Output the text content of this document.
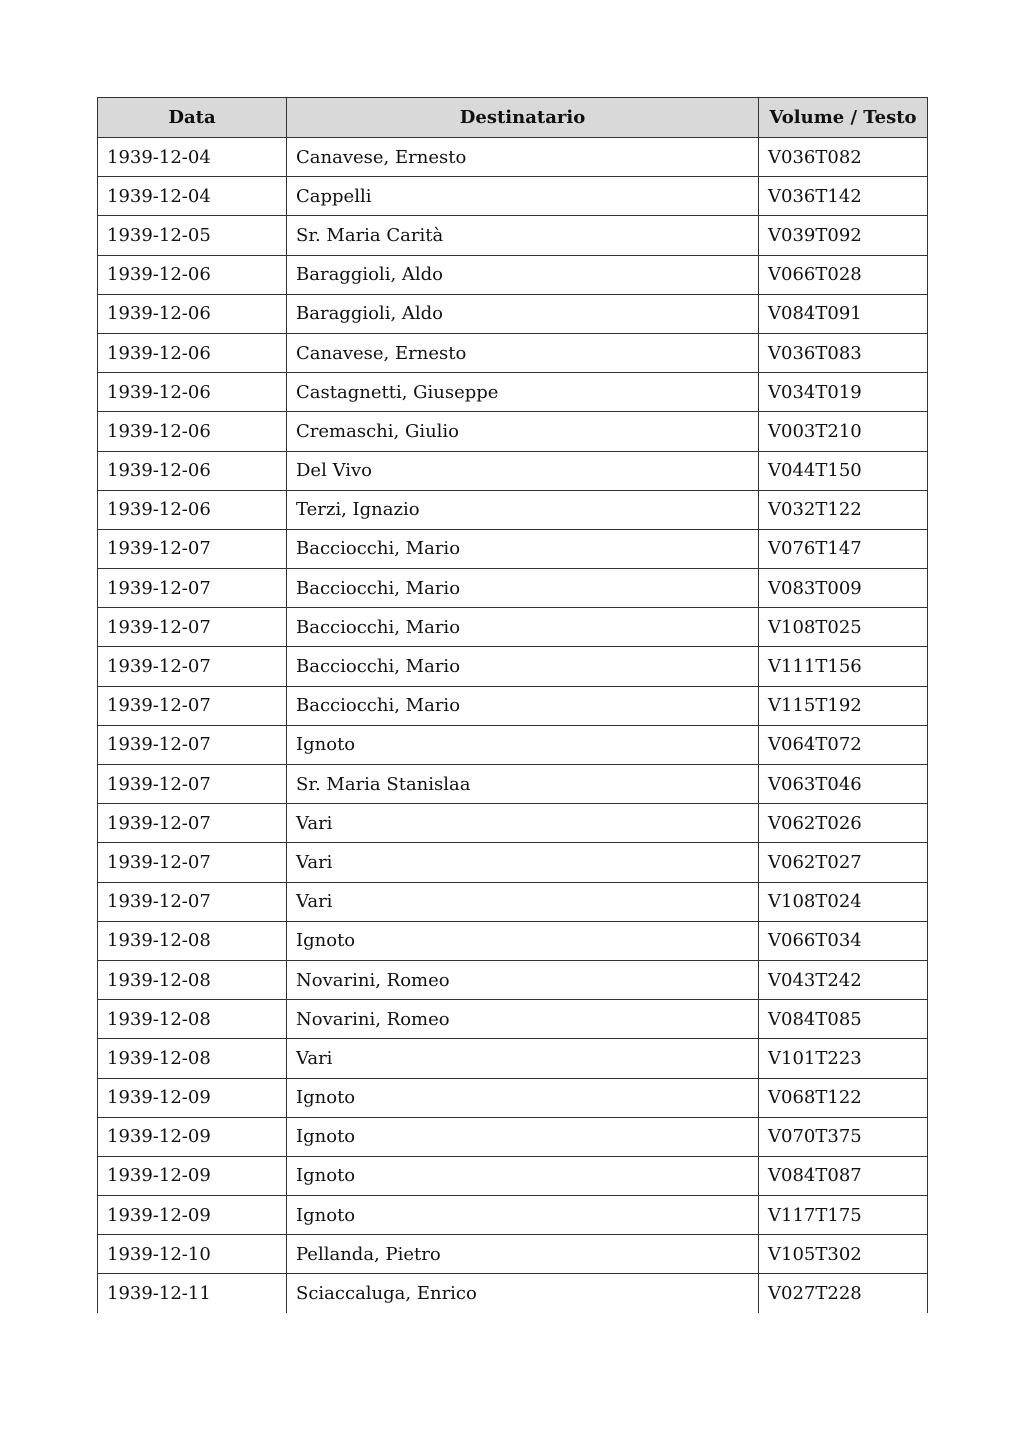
Data	Destinatario	Volume / Testo
1939-12-04	Canavese, Ernesto	V036T082
1939-12-04	Cappelli	V036T142
1939-12-05	Sr. Maria Carità	V039T092
1939-12-06	Baraggioli, Aldo	V066T028
1939-12-06	Baraggioli, Aldo	V084T091
1939-12-06	Canavese, Ernesto	V036T083
1939-12-06	Castagnetti, Giuseppe	V034T019
1939-12-06	Cremaschi, Giulio	V003T210
1939-12-06	Del Vivo	V044T150
1939-12-06	Terzi, Ignazio	V032T122
1939-12-07	Bacciocchi, Mario	V076T147
1939-12-07	Bacciocchi, Mario	V083T009
1939-12-07	Bacciocchi, Mario	V108T025
1939-12-07	Bacciocchi, Mario	V111T156
1939-12-07	Bacciocchi, Mario	V115T192
1939-12-07	Ignoto	V064T072
1939-12-07	Sr. Maria Stanislaa	V063T046
1939-12-07	Vari	V062T026
1939-12-07	Vari	V062T027
1939-12-07	Vari	V108T024
1939-12-08	Ignoto	V066T034
1939-12-08	Novarini, Romeo	V043T242
1939-12-08	Novarini, Romeo	V084T085
1939-12-08	Vari	V101T223
1939-12-09	Ignoto	V068T122
1939-12-09	Ignoto	V070T375
1939-12-09	Ignoto	V084T087
1939-12-09	Ignoto	V117T175
1939-12-10	Pellanda, Pietro	V105T302
1939-12-11	Sciaccaluga, Enrico	V027T228
